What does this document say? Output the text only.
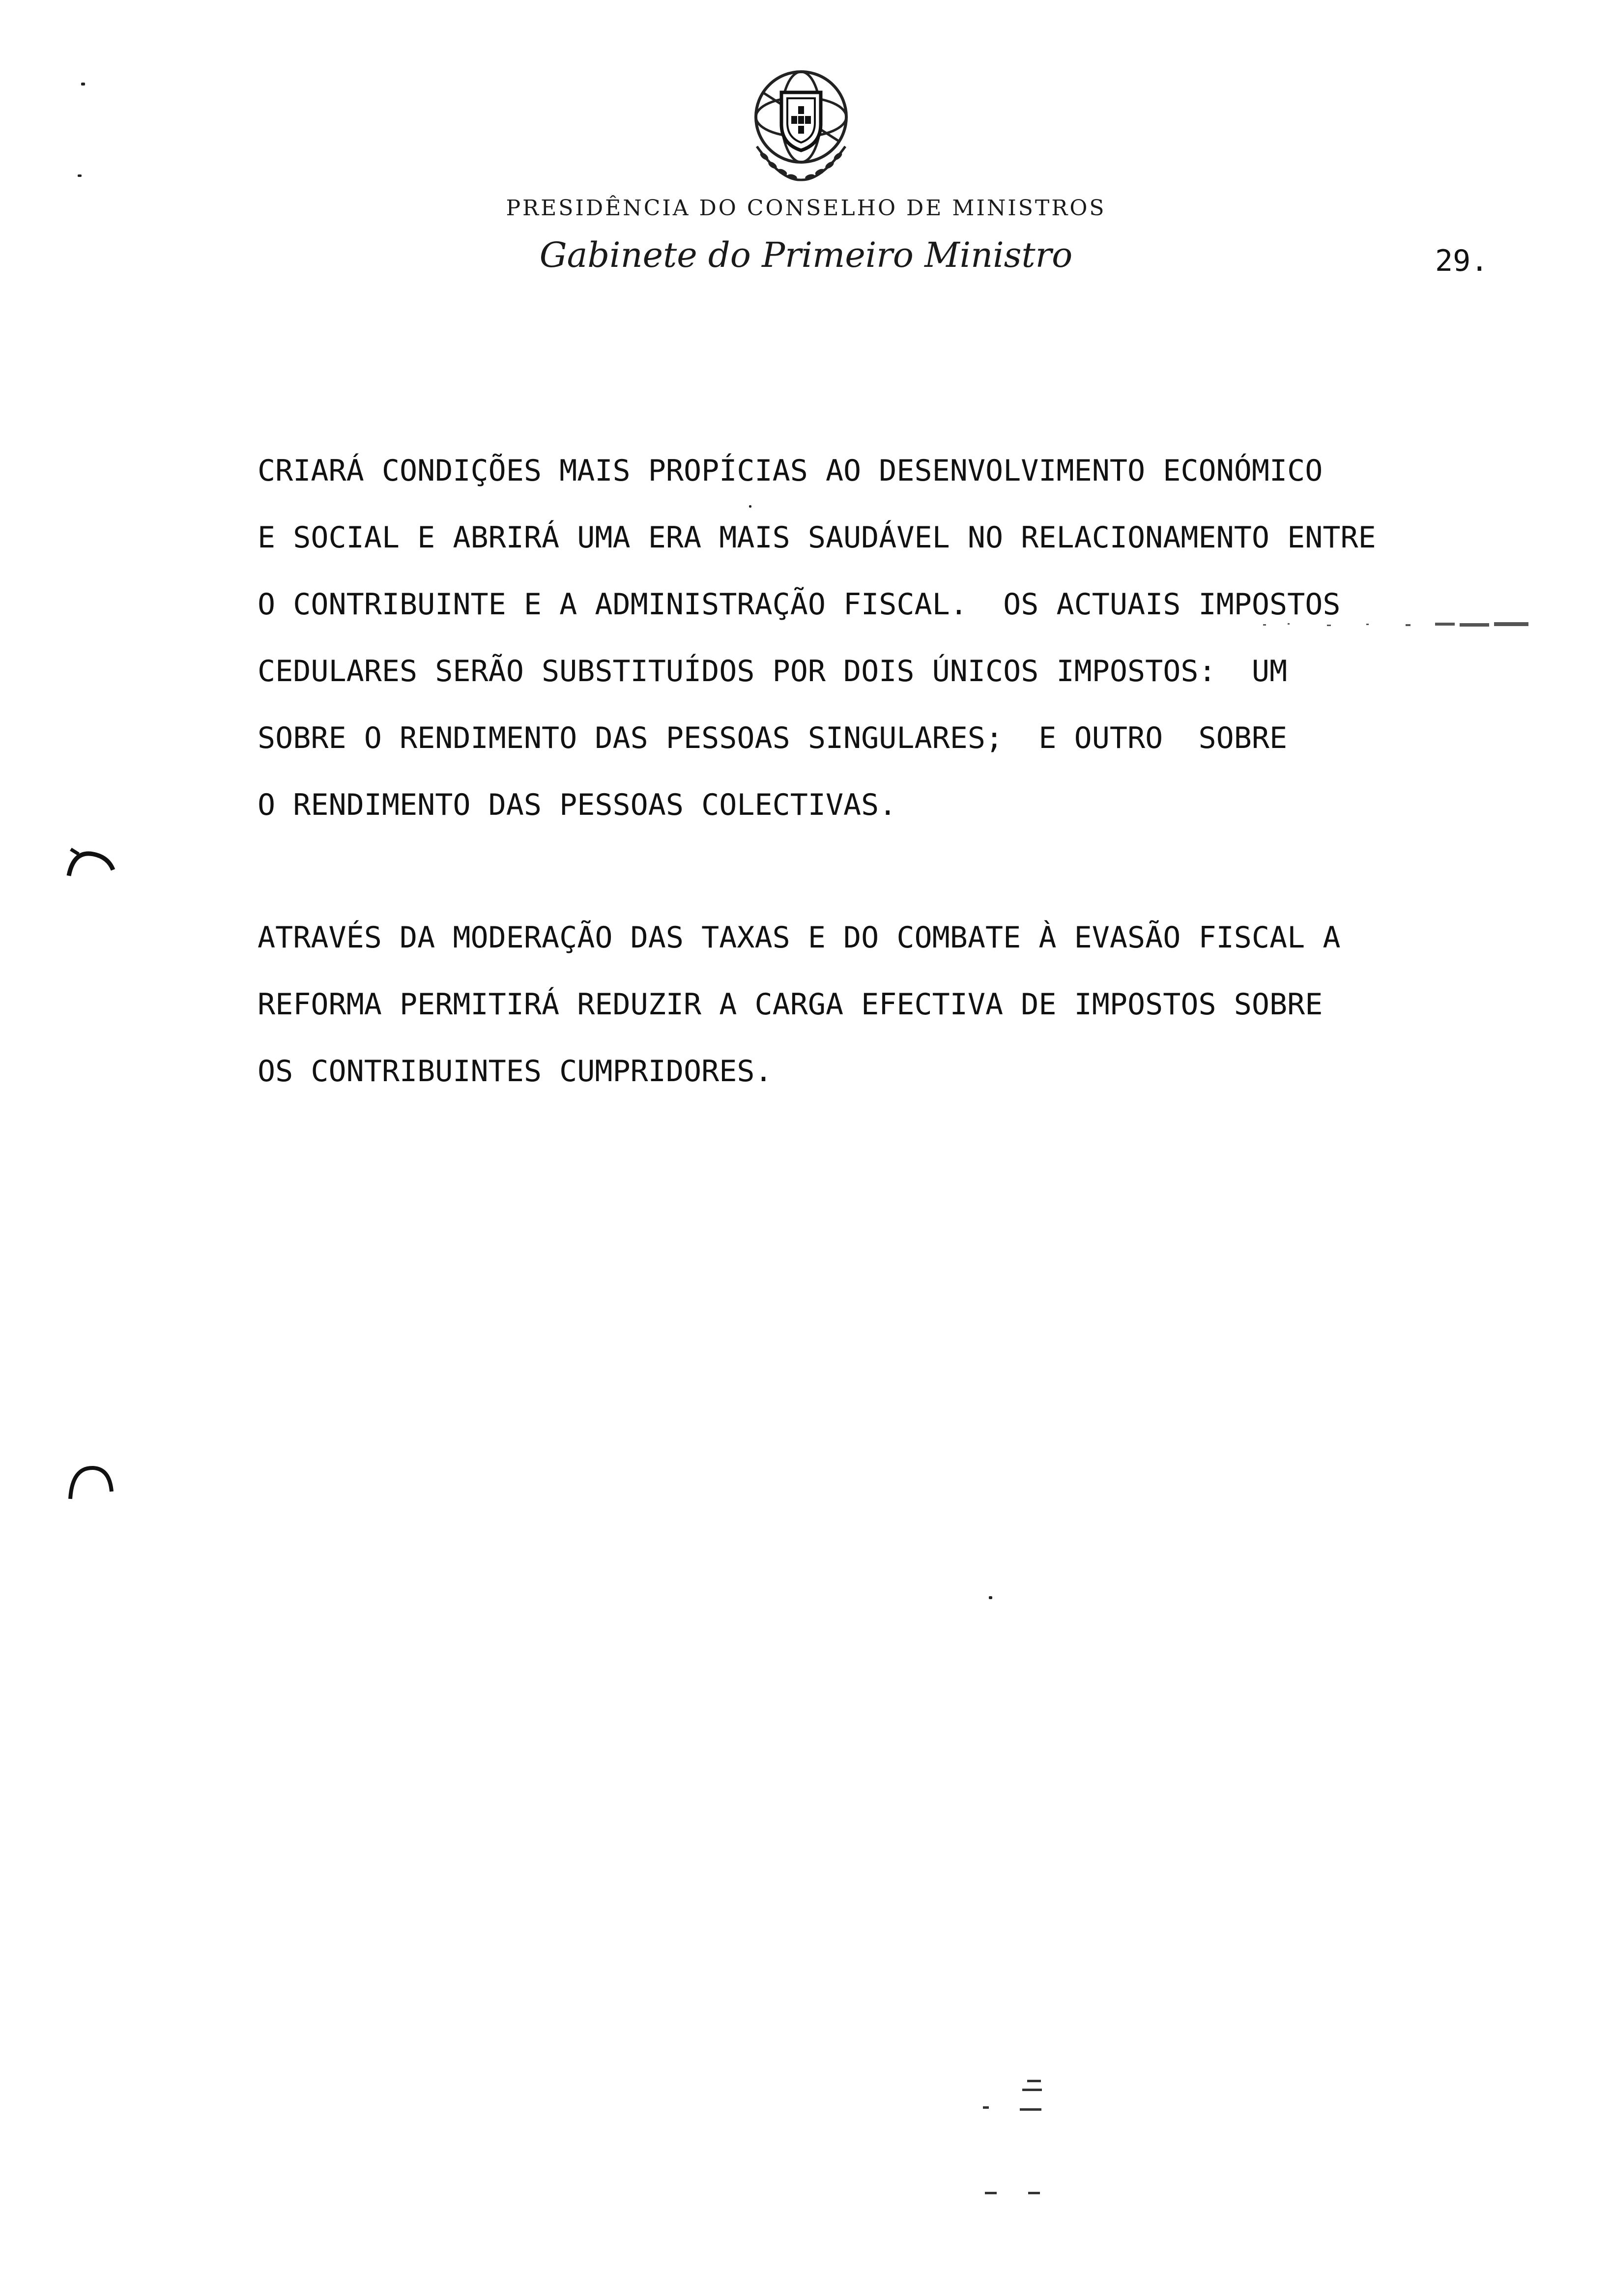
PRESIDÊNCIA DO CONSELHO DE MINISTROS
Gabinete do Primeiro Ministro	29.
CRIARÁ CONDIÇÕES MAIS PROPÍCIAS AO DESENVOLVIMENTO ECONÓMICO
E SOCIAL E ABRIRÁ UMA ERA MAIS SAUDÁVEL NO RELACIONAMENTO ENTRE
O CONTRIBUINTE E A ADMINISTRAÇÃO FISCAL.  OS ACTUAIS IMPOSTOS
CEDULARES SERÃO SUBSTITUÍDOS POR DOIS ÚNICOS IMPOSTOS:  UM
SOBRE O RENDIMENTO DAS PESSOAS SINGULARES;  E OUTRO  SOBRE
O RENDIMENTO DAS PESSOAS COLECTIVAS.
ATRAVÉS DA MODERAÇÃO DAS TAXAS E DO COMBATE À EVASÃO FISCAL A
REFORMA PERMITIRÁ REDUZIR A CARGA EFECTIVA DE IMPOSTOS SOBRE
OS CONTRIBUINTES CUMPRIDORES.
